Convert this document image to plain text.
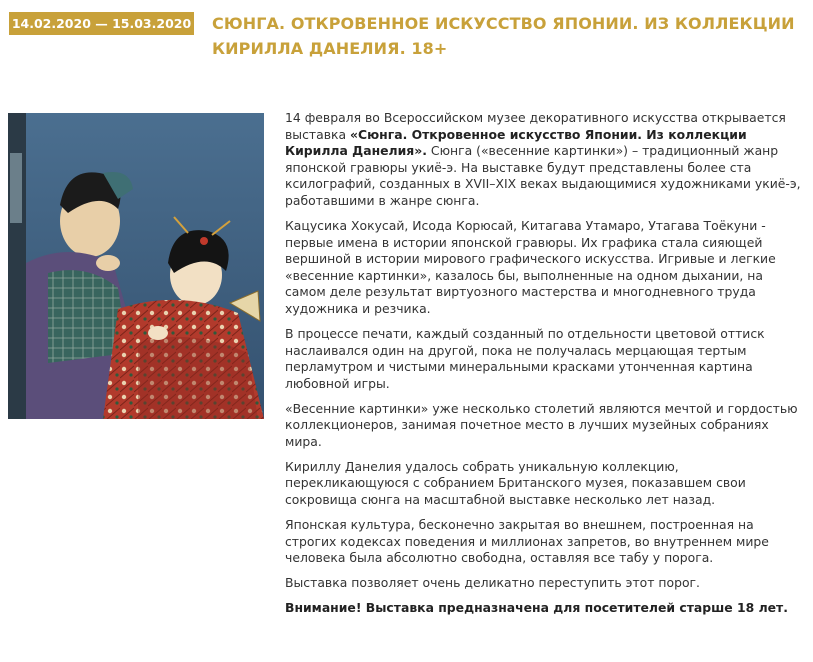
14.02.2020 — 15.03.2020 СЮНГА. ОТКРОВЕННОЕ ИСКУССТВО ЯПОНИИ. ИЗ КОЛЛЕКЦИИ КИРИЛЛА ДАНЕЛИЯ. 18+

14 февраля во Всероссийском музее декоративного искусства открывается выставка «Сюнга. Откровенное искусство Японии. Из коллекции Кирилла Данелия». Сюнга («весенние картинки») – традиционный жанр японской гравюры укиё-э. На выставке будут представлены более ста ксилографий, созданных в XVII–XIX веках выдающимися художниками укиё-э, работавшими в жанре сюнга.

Кацусика Хокусай, Исода Корюсай, Китагава Утамаро, Утагава Тоёкуни - первые имена в истории японской гравюры. Их графика стала сияющей вершиной в истории мирового графического искусства. Игривые и легкие «весенние картинки», казалось бы, выполненные на одном дыхании, на самом деле результат виртуозного мастерства и многодневного труда художника и резчика.

В процессе печати, каждый созданный по отдельности цветовой оттиск наслаивался один на другой, пока не получалась мерцающая тертым перламутром и чистыми минеральными красками утонченная картина любовной игры.

«Весенние картинки» уже несколько столетий являются мечтой и гордостью коллекционеров, занимая почетное место в лучших музейных собраниях мира.

Кириллу Данелия удалось собрать уникальную коллекцию, перекликающуюся с собранием Британского музея, показавшем свои сокровища сюнга на масштабной выставке несколько лет назад.

Японская культура, бесконечно закрытая во внешнем, построенная на строгих кодексах поведения и миллионах запретов, во внутреннем мире человека была абсолютно свободна, оставляя все табу у порога.

Выставка позволяет очень деликатно переступить этот порог.

Внимание! Выставка предназначена для посетителей старше 18 лет.
